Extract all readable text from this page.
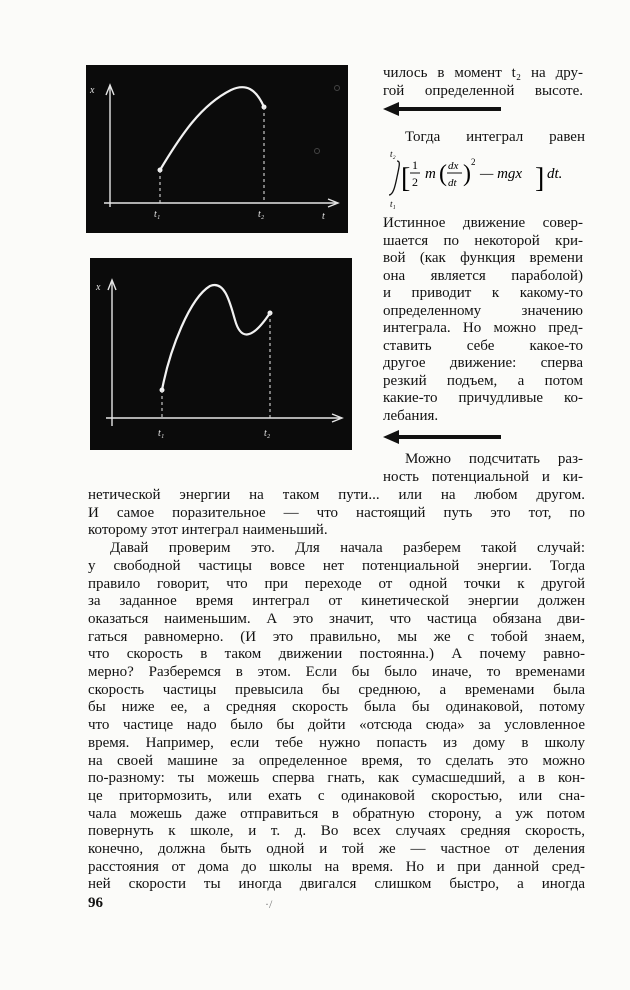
x
t₁	t₂	t
x
t₁	t₂

чилось в момент t₂ на дру-

гой определенной высоте.

Тогда интеграл равен

t₂
t₁
[ 1
2 m ( dx
dt ) 2
— mgx ] dt.

Истинное движение совер-

шается по некоторой кри-

вой (как функция времени

она является параболой)

и приводит к какому-то

определенному значению

интеграла. Но можно пред-

ставить себе какое-то

другое движение: сперва

резкий подъем, а потом

какие-то причудливые ко-

лебания.

Можно подсчитать раз-

ность потенциальной и ки-

нетической энергии на таком пути... или на любом другом.

И самое поразительное — что настоящий путь это тот, по

которому этот интеграл наименьший.

Давай проверим это. Для начала разберем такой случай:

у свободной частицы вовсе нет потенциальной энергии. Тогда

правило говорит, что при переходе от одной точки к другой

за заданное время интеграл от кинетической энергии должен

оказаться наименьшим. А это значит, что частица обязана дви-

гаться равномерно. (И это правильно, мы же с тобой знаем,

что скорость в таком движении постоянна.) А почему равно-

мерно? Разберемся в этом. Если бы было иначе, то временами

скорость частицы превысила бы среднюю, а временами была

бы ниже ее, а средняя скорость была бы одинаковой, потому

что частице надо было бы дойти «отсюда сюда» за условленное

время. Например, если тебе нужно попасть из дому в школу

на своей машине за определенное время, то сделать это можно

по-разному: ты можешь сперва гнать, как сумасшедший, а в кон-

це притормозить, или ехать с одинаковой скоростью, или сна-

чала можешь даже отправиться в обратную сторону, а уж потом

повернуть к школе, и т. д. Во всех случаях средняя скорость,

конечно, должна быть одной и той же — частное от деления

расстояния от дома до школы на время. Но и при данной сред-

ней скорости ты иногда двигался слишком быстро, а иногда

96	·/
